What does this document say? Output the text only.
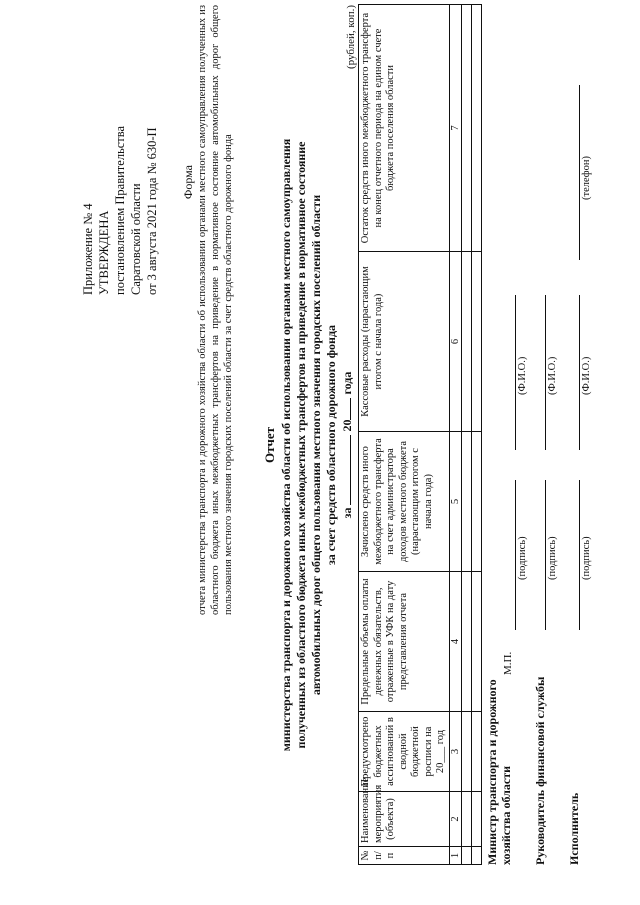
Приложение № 4 УТВЕРЖДЕНА постановлением Правительства Саратовской области от 3 августа 2021 года № 630-П Форма отчета министерства транспорта и дорожного хозяйства области об использовании органами местного самоуправления полученных из областного бюджета иных межбюджетных трансфертов на приведение в нормативное состояние автомобильных дорог общего пользования местного значения городских поселений области за счет средств областного дорожного фонда Отчет министерства транспорта и дорожного хозяйства области об использовании органами местного самоуправления полученных из областного бюджета иных межбюджетных трансфертов на приведение в нормативное состояние автомобильных дорог общего пользования местного значения городских поселений области за счет средств областного дорожного фонда за  20 года
(рублей, коп.)
№ п/п	Наименование мероприятия (объекта)	Предусмотрено бюджетных ассигнований в сводной бюджетной росписи на 20___ год	Предельные объемы оплаты денежных обязательств, отраженные в УФК на дату представления отчета	Зачислено средств иного межбюджетного трансферта на счет администратора доходов местного бюджета (нарастающим итогом с начала года)	Кассовые расходы (нарастающим итогом с начала года)	Остаток средств иного межбюджетного трансферта на конец отчетного периода на едином счете бюджета поселения области
1	2	3	4	5	6	7

Министр транспорта и дорожного хозяйства области
М.П.
(подпись)
(Ф.И.О.)
Руководитель финансовой службы
(подпись)
(Ф.И.О.)
Исполнитель
(подпись)
(Ф.И.О.)
(телефон)
